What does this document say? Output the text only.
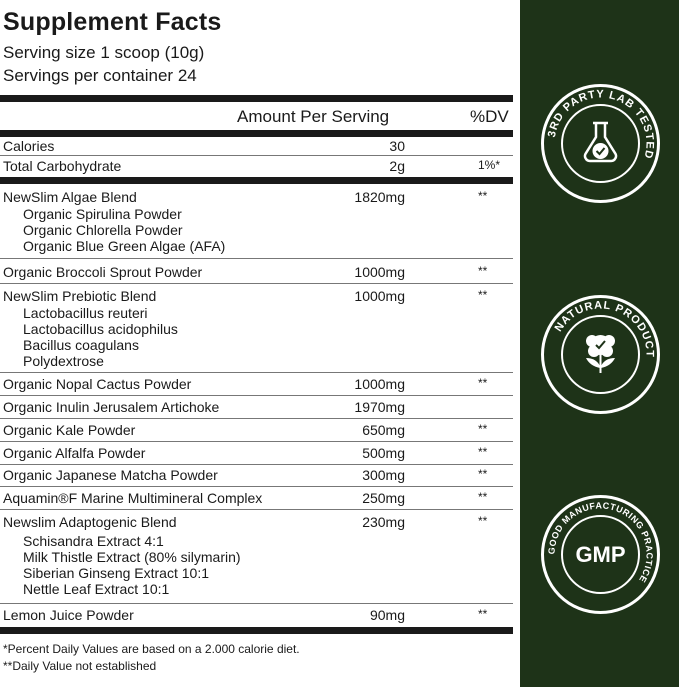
Supplement Facts
Serving size 1 scoop (10g)
Servings per container 24
Amount Per Serving	%DV
Calories	30
Total Carbohydrate	2g	1%*
NewSlim Algae Blend	1820mg	**
Organic Spirulina Powder
Organic Chlorella Powder
Organic Blue Green Algae (AFA)
Organic Broccoli Sprout Powder	1000mg	**
NewSlim Prebiotic Blend	1000mg	**
Lactobacillus reuteri
Lactobacillus acidophilus
Bacillus coagulans
Polydextrose
Organic Nopal Cactus Powder	1000mg	**
Organic Inulin Jerusalem Artichoke	1970mg
Organic Kale Powder	650mg	**
Organic Alfalfa Powder	500mg	**
Organic Japanese Matcha Powder	300mg	**
Aquamin®F Marine Multimineral Complex	250mg	**
Newslim Adaptogenic Blend	230mg	**
Schisandra Extract 4:1
Milk Thistle Extract (80% silymarin)
Siberian Ginseng Extract 10:1
Nettle Leaf Extract 10:1
Lemon Juice Powder	90mg	**
*Percent Daily Values are based on a 2.000 calorie diet.
**Daily Value not established
3RD PARTY LAB TESTED
NATURAL PRODUCT
GOOD MANUFACTURING PRACTICE
GMP
